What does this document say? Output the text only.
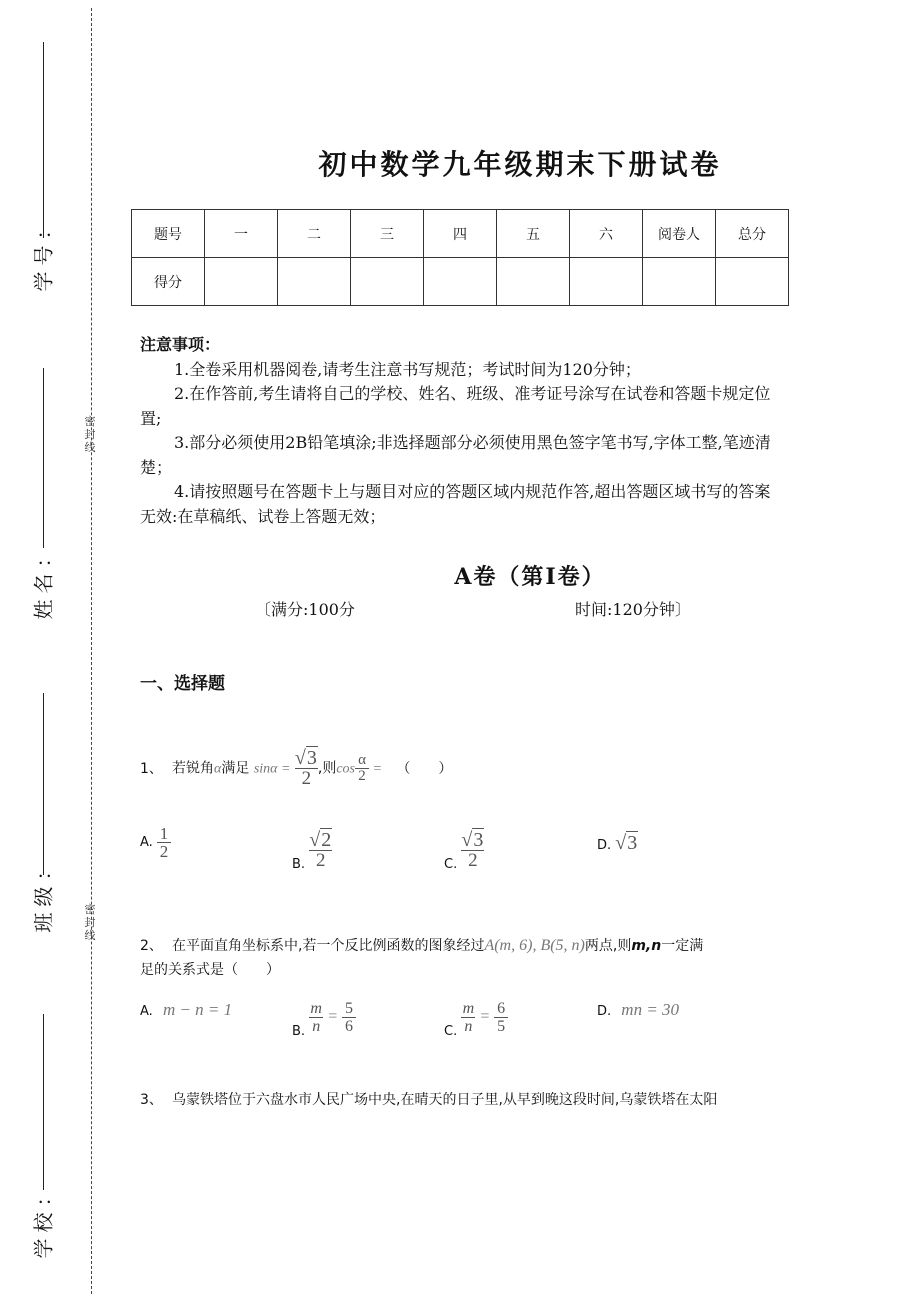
学号：
姓名：
班级：
学校：
密封线
密封线
初中数学九年级期末下册试卷
题号	一	二	三	四	五	六	阅卷人	总分
得分								
注意事项：
1.全卷采用机器阅卷,请考生注意书写规范；考试时间为120分钟；
2.在作答前,考生请将自己的学校、姓名、班级、准考证号涂写在试卷和答题卡规定位置;
3.部分必须使用2B铅笔填涂;非选择题部分必须使用黑色签字笔书写,字体工整,笔迹清楚；
4.请按照题号在答题卡上与题目对应的答题区域内规范作答,超出答题区域书写的答案无效:在草稿纸、试卷上答题无效；
A卷（第Ⅰ卷）
〔满分:100分	时间:120分钟〕
一、选择题
1、 若锐角α满足 $\sin\alpha = \frac{√3}{2}$ ,则$\cos \frac{\alpha}{2}$ = （　　）
A. $\frac{1}{2}$
B. $\frac{√2}{2}$	C. $\frac{√3}{2}$	D. √3
2、 在平面直角坐标系中,若一个反比例函数的图象经过A(m, 6), B(5, n)两点,则m,n一定满
足的关系式是（　　）
A. m − n = 1
B. $\frac{m}{n} = \frac{5}{6}$	C. $\frac{m}{n} = \frac{6}{5}$	D. mn = 30
3、 乌蒙铁塔位于六盘水市人民广场中央,在晴天的日子里,从早到晚这段时间,乌蒙铁塔在太阳
